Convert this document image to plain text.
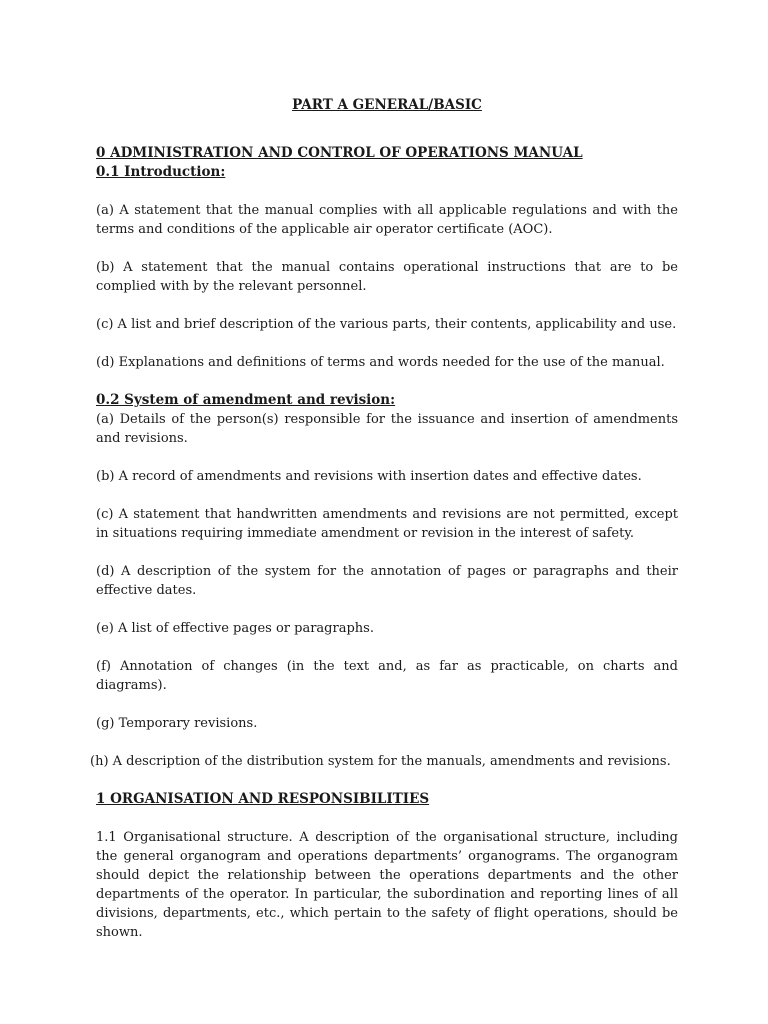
PART A GENERAL/BASIC
0 ADMINISTRATION AND CONTROL OF OPERATIONS MANUAL
0.1 Introduction:

(a) A statement that the manual complies with all applicable regulations and with the terms and conditions of the applicable air operator certificate (AOC).

(b) A statement that the manual contains operational instructions that are to be complied with by the relevant personnel.

(c) A list and brief description of the various parts, their contents, applicability and use.

(d) Explanations and definitions of terms and words needed for the use of the manual.

0.2 System of amendment and revision:

(a) Details of the person(s) responsible for the issuance and insertion of amendments and revisions.

(b) A record of amendments and revisions with insertion dates and effective dates.

(c) A statement that handwritten amendments and revisions are not permitted, except in situations requiring immediate amendment or revision in the interest of safety.

(d) A description of the system for the annotation of pages or paragraphs and their effective dates.

(e) A list of effective pages or paragraphs.

(f) Annotation of changes (in the text and, as far as practicable, on charts and diagrams).

(g) Temporary revisions.

(h) A description of the distribution system for the manuals, amendments and revisions.

1 ORGANISATION AND RESPONSIBILITIES

1.1 Organisational structure. A description of the organisational structure, including the general organogram and operations departments’ organograms. The organogram should depict the relationship between the operations departments and the other departments of the operator. In particular, the subordination and reporting lines of all divisions, departments, etc., which pertain to the safety of flight operations, should be shown.
